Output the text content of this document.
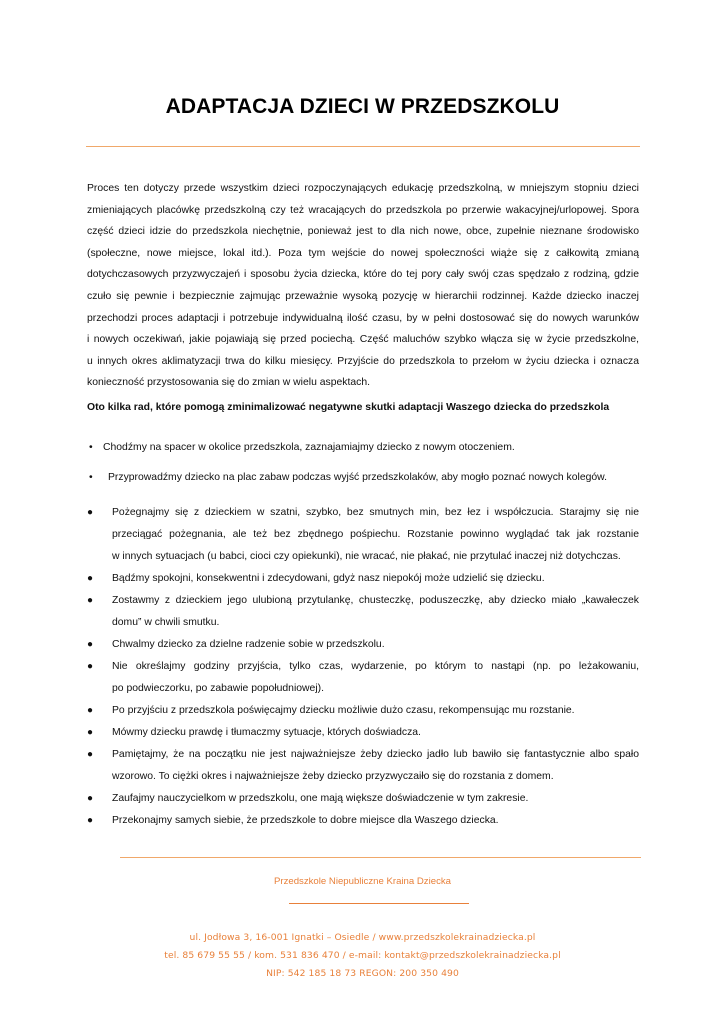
ADAPTACJA DZIECI W PRZEDSZKOLU
Proces ten dotyczy przede wszystkim dzieci rozpoczynających edukację przedszkolną, w mniejszym stopniu dzieci
zmieniających placówkę przedszkolną czy też wracających do przedszkola po przerwie wakacyjnej/urlopowej. Spora
część dzieci idzie do przedszkola niechętnie, ponieważ jest to dla nich nowe, obce, zupełnie nieznane środowisko
(społeczne, nowe miejsce, lokal itd.). Poza tym wejście do nowej społeczności wiąże się z całkowitą zmianą
dotychczasowych przyzwyczajeń i sposobu życia dziecka, które do tej pory cały swój czas spędzało z rodziną, gdzie
czuło się pewnie i bezpiecznie zajmując przeważnie wysoką pozycję w hierarchii rodzinnej. Każde dziecko inaczej
przechodzi proces adaptacji i potrzebuje indywidualną ilość czasu, by w pełni dostosować się do nowych warunków
i nowych oczekiwań, jakie pojawiają się przed pociechą. Część maluchów szybko włącza się w życie przedszkolne,
u innych okres aklimatyzacji trwa do kilku miesięcy. Przyjście do przedszkola to przełom w życiu dziecka i oznacza
konieczność przystosowania się do zmian w wielu aspektach.

Oto kilka rad, które pomogą zminimalizować negatywne skutki adaptacji Waszego dziecka do przedszkola

• Chodźmy na spacer w okolice przedszkola, zaznajamiajmy dziecko z nowym otoczeniem.

• Przyprowadźmy dziecko na plac zabaw podczas wyjść przedszkolaków, aby mogło poznać nowych kolegów.

●	Pożegnajmy się z dzieckiem w szatni, szybko, bez smutnych min, bez łez i współczucia. Starajmy się nie
przeciągać pożegnania, ale też bez zbędnego pośpiechu. Rozstanie powinno wyglądać tak jak rozstanie
w innych sytuacjach (u babci, cioci czy opiekunki), nie wracać, nie płakać, nie przytulać inaczej niż dotychczas.
●	Bądźmy spokojni, konsekwentni i zdecydowani, gdyż nasz niepokój może udzielić się dziecku.
●	Zostawmy z dzieckiem jego ulubioną przytulankę, chusteczkę, poduszeczkę, aby dziecko miało „kawałeczek
domu” w chwili smutku.
●	Chwalmy dziecko za dzielne radzenie sobie w przedszkolu.
●	Nie określajmy godziny przyjścia, tylko czas, wydarzenie, po którym to nastąpi (np. po leżakowaniu,
po podwieczorku, po zabawie popołudniowej).
●	Po przyjściu z przedszkola poświęcajmy dziecku możliwie dużo czasu, rekompensując mu rozstanie.
●	Mówmy dziecku prawdę i tłumaczmy sytuacje, których doświadcza.
●	Pamiętajmy, że na początku nie jest najważniejsze żeby dziecko jadło lub bawiło się fantastycznie albo spało
wzorowo. To ciężki okres i najważniejsze żeby dziecko przyzwyczaiło się do rozstania z domem.
●	Zaufajmy nauczycielkom w przedszkolu, one mają większe doświadczenie w tym zakresie.
●	Przekonajmy samych siebie, że przedszkole to dobre miejsce dla Waszego dziecka.
Przedszkole Niepubliczne Kraina Dziecka
ul. Jodłowa 3, 16-001 Ignatki – Osiedle / www.przedszkolekrainadziecka.pl
tel. 85 679 55 55 / kom. 531 836 470 / e-mail: kontakt@przedszkolekrainadziecka.pl
NIP: 542 185 18 73 REGON: 200 350 490
